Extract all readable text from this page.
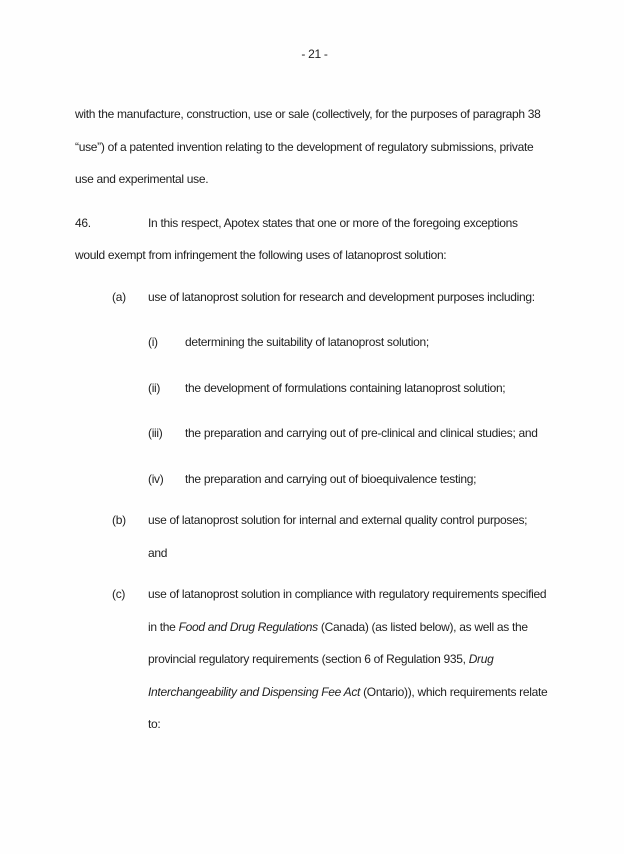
- 21 -
with the manufacture, construction, use or sale (collectively, for the purposes of paragraph 38
“use”) of a patented invention relating to the development of regulatory submissions, private
use and experimental use.
46.	In this respect, Apotex states that one or more of the foregoing exceptions
would exempt from infringement the following uses of latanoprost solution:
(a)	use of latanoprost solution for research and development purposes including:
(i)	determining the suitability of latanoprost solution;
(ii)	the development of formulations containing latanoprost solution;
(iii)	the preparation and carrying out of pre-clinical and clinical studies; and
(iv)	the preparation and carrying out of bioequivalence testing;
(b)	use of latanoprost solution for internal and external quality control purposes;
and
(c)	use of latanoprost solution in compliance with regulatory requirements specified
in the Food and Drug Regulations (Canada) (as listed below), as well as the
provincial regulatory requirements (section 6 of Regulation 935, Drug
Interchangeability and Dispensing Fee Act (Ontario)), which requirements relate
to:
